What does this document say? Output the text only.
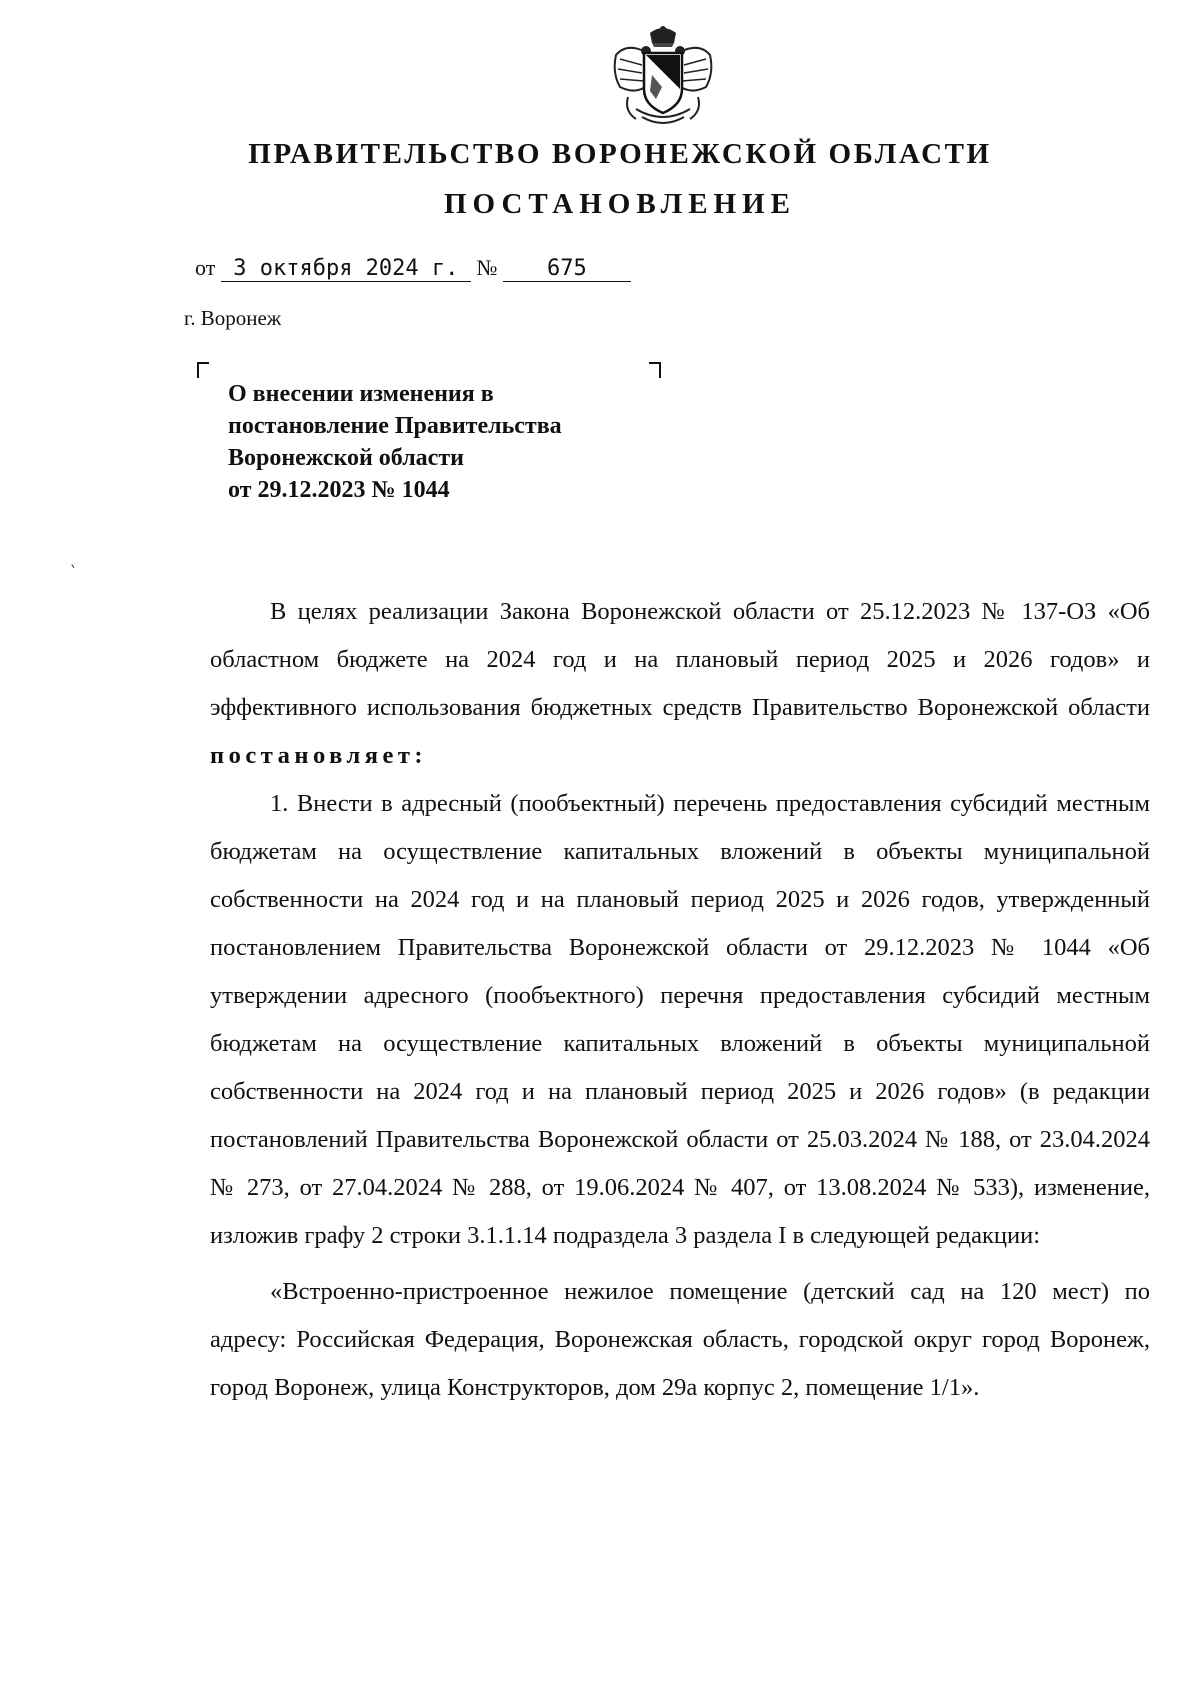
ПРАВИТЕЛЬСТВО ВОРОНЕЖСКОЙ ОБЛАСТИ
ПОСТАНОВЛЕНИЕ
от 3 октября 2024 г. № 675
г. Воронеж
О внесении изменения в
постановление Правительства
Воронежской области
от 29.12.2023 № 1044

В целях реализации Закона Воронежской области от 25.12.2023 № 137-ОЗ «Об областном бюджете на 2024 год и на плановый период 2025 и 2026 годов» и эффективного использования бюджетных средств Правительство Воронежской области постановляет:

1. Внести в адресный (пообъектный) перечень предоставления субсидий местным бюджетам на осуществление капитальных вложений в объекты муниципальной собственности на 2024 год и на плановый период 2025 и 2026 годов, утвержденный постановлением Правительства Воронежской области от 29.12.2023 № 1044 «Об утверждении адресного (пообъектного) перечня предоставления субсидий местным бюджетам на осуществление капитальных вложений в объекты муниципальной собственности на 2024 год и на плановый период 2025 и 2026 годов» (в редакции постановлений Правительства Воронежской области от 25.03.2024 № 188, от 23.04.2024 № 273, от 27.04.2024 № 288, от 19.06.2024 № 407, от 13.08.2024 № 533), изменение, изложив графу 2 строки 3.1.1.14 подраздела 3 раздела I в следующей редакции:

«Встроенно-пристроенное нежилое помещение (детский сад на 120 мест) по адресу: Российская Федерация, Воронежская область, городской округ город Воронеж, город Воронеж, улица Конструкторов, дом 29а корпус 2, помещение 1/1».
